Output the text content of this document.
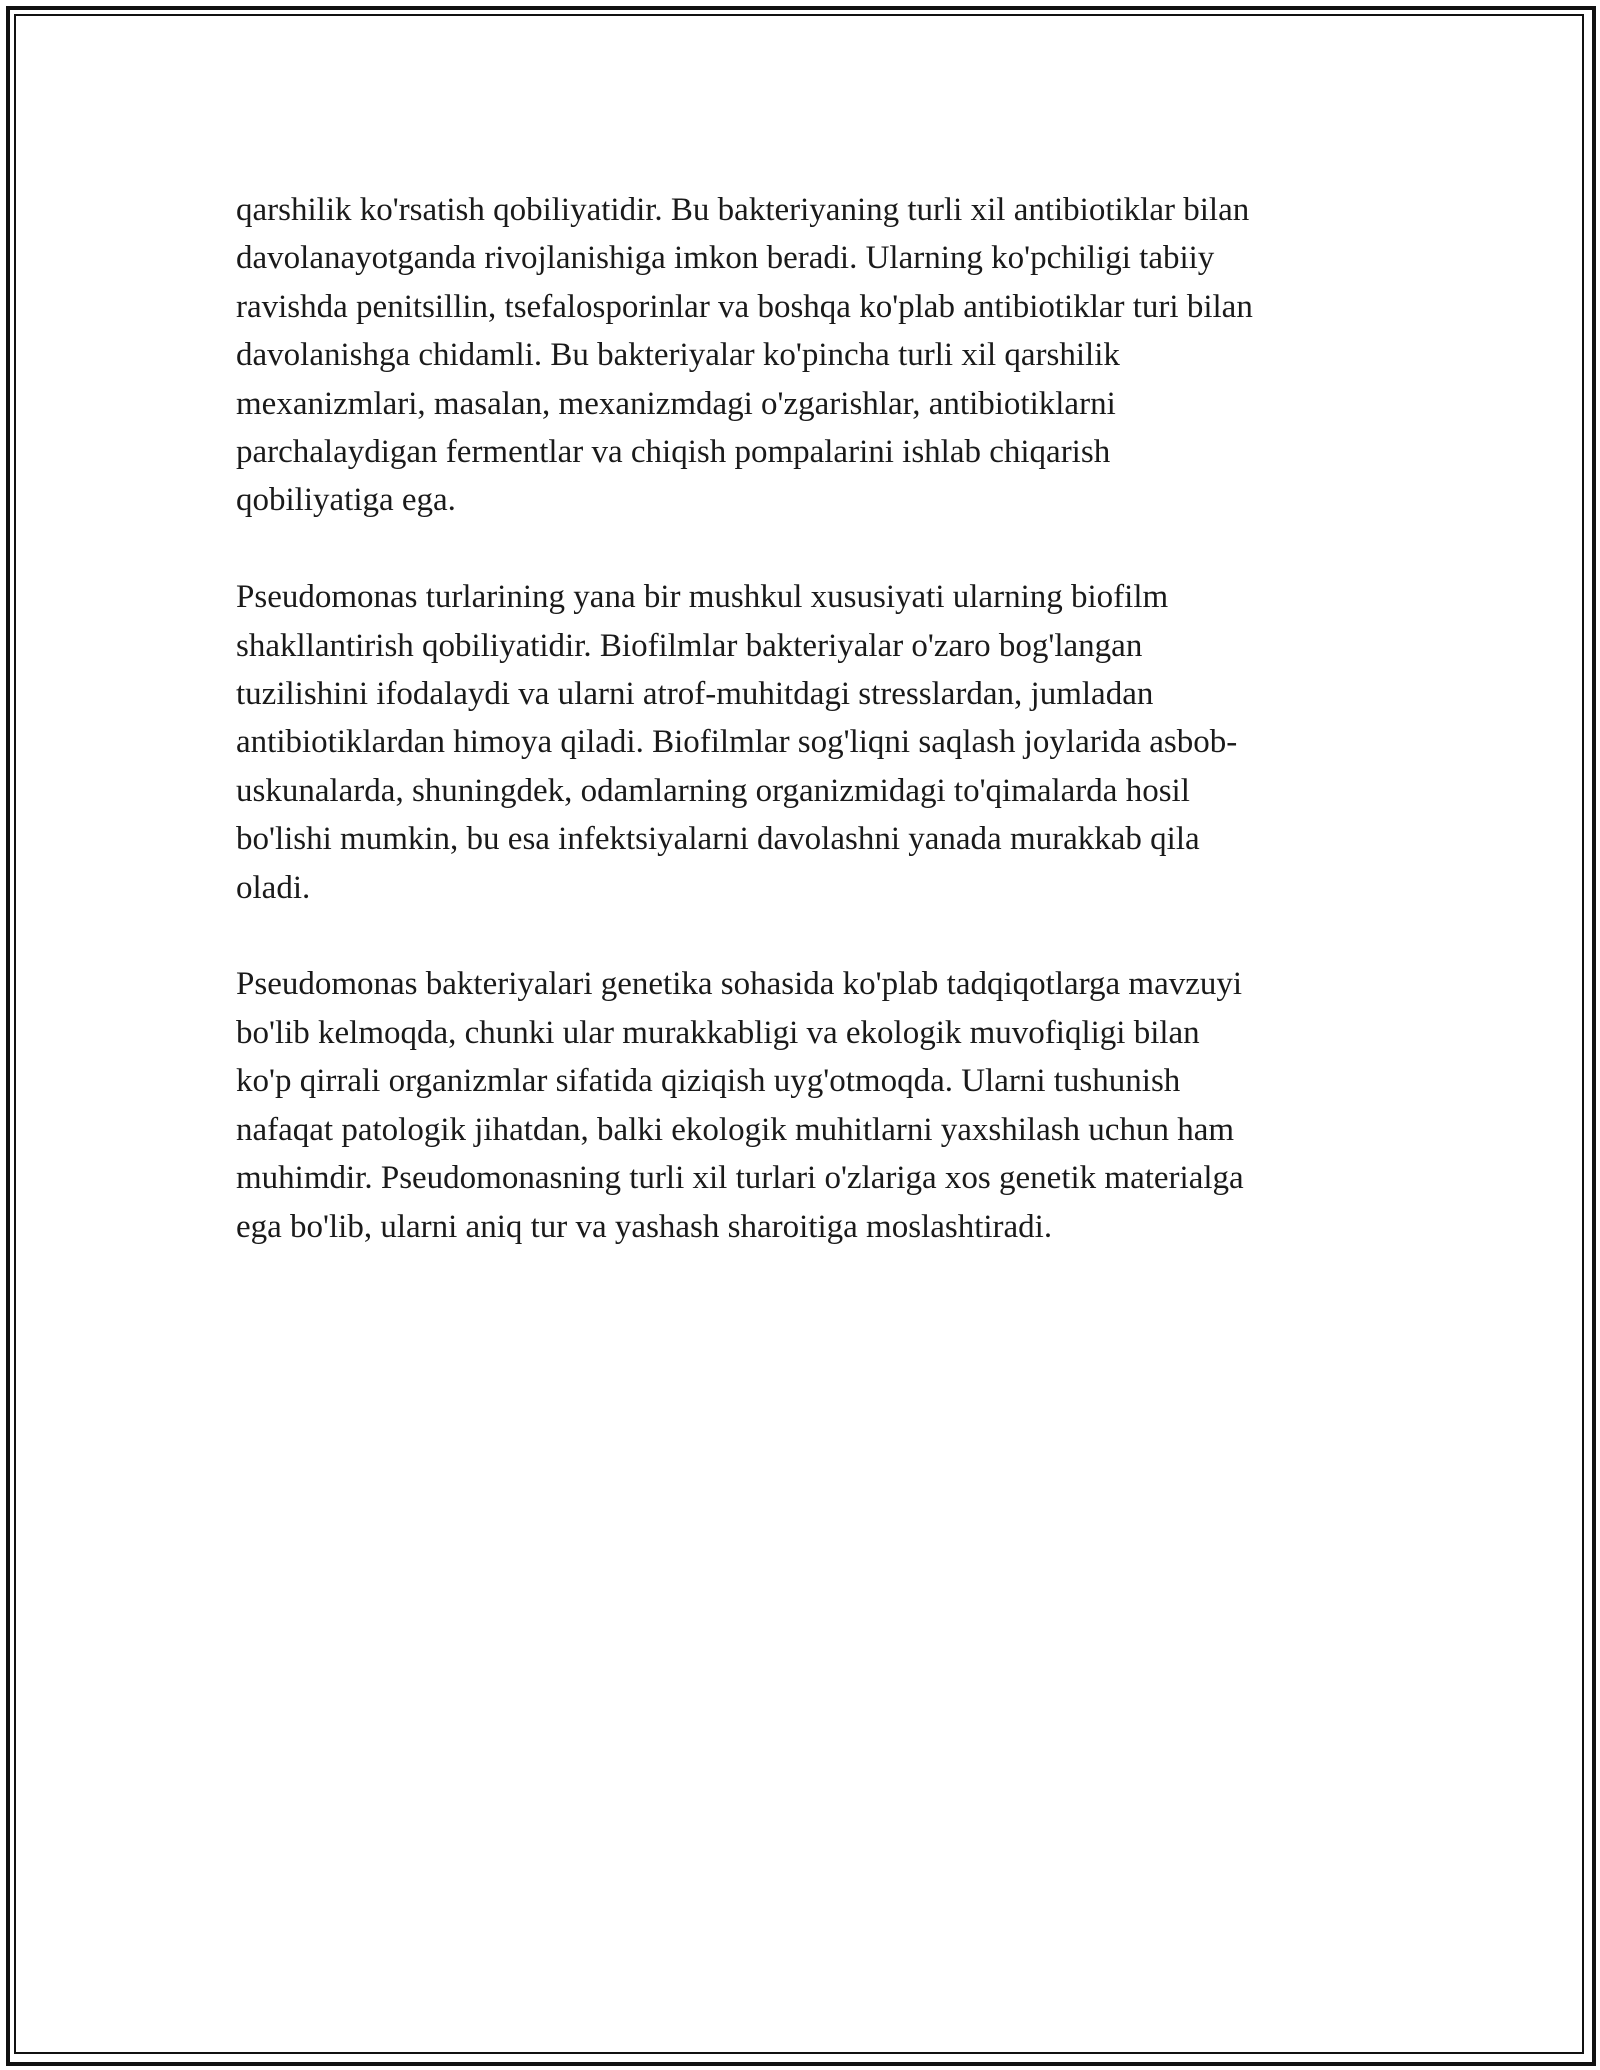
qarshilik ko'rsatish qobiliyatidir. Bu bakteriyaning turli xil antibiotiklar bilan
davolanayotganda rivojlanishiga imkon beradi. Ularning ko'pchiligi tabiiy
ravishda penitsillin, tsefalosporinlar va boshqa ko'plab antibiotiklar turi bilan
davolanishga chidamli. Bu bakteriyalar ko'pincha turli xil qarshilik
mexanizmlari, masalan, mexanizmdagi o'zgarishlar, antibiotiklarni
parchalaydigan fermentlar va chiqish pompalarini ishlab chiqarish
qobiliyatiga ega.

Pseudomonas turlarining yana bir mushkul xususiyati ularning biofilm
shakllantirish qobiliyatidir. Biofilmlar bakteriyalar o'zaro bog'langan
tuzilishini ifodalaydi va ularni atrof-muhitdagi stresslardan, jumladan
antibiotiklardan himoya qiladi. Biofilmlar sog'liqni saqlash joylarida asbob-
uskunalarda, shuningdek, odamlarning organizmidagi to'qimalarda hosil
bo'lishi mumkin, bu esa infektsiyalarni davolashni yanada murakkab qila
oladi.

Pseudomonas bakteriyalari genetika sohasida ko'plab tadqiqotlarga mavzuyi
bo'lib kelmoqda, chunki ular murakkabligi va ekologik muvofiqligi bilan
ko'p qirrali organizmlar sifatida qiziqish uyg'otmoqda. Ularni tushunish
nafaqat patologik jihatdan, balki ekologik muhitlarni yaxshilash uchun ham
muhimdir. Pseudomonasning turli xil turlari o'zlariga xos genetik materialga
ega bo'lib, ularni aniq tur va yashash sharoitiga moslashtiradi.
